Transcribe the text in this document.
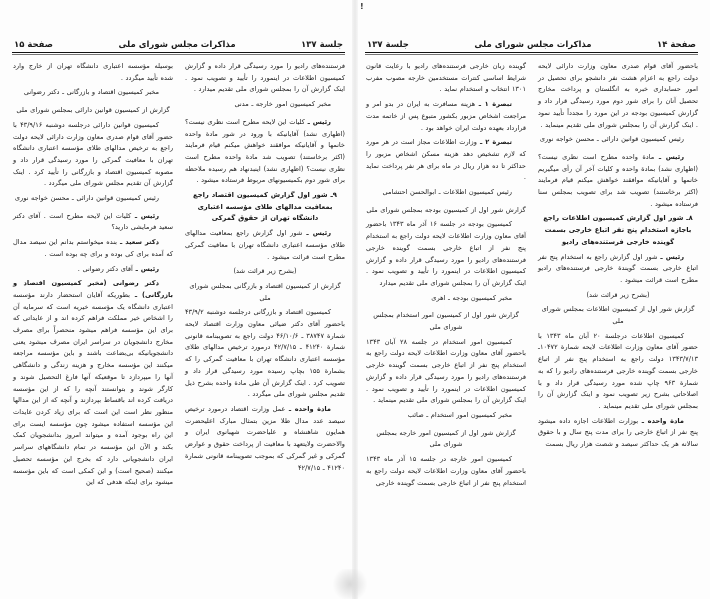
جلسة ۱۳۷
مذاکرات مجلس شورای ملی
صفحة ۱۵

فرستنده‌های رادیو را مورد رسیدگی قرار داده و گزارش کمیسیون اطلاعات در اینمورد را تأیید و تصویب نمود . اینک گزارش آن را بمجلس شورای ملی تقدیم میدارد .

مخبر کمیسیون امور خارجه ـ مدنی

رئیس ـ کلیات این لایحه مطرح است نظری نیست؟ (اظهاری نشد) آقایانیکه با ورود در شور مادة واحده خانمها و آقایانیکه موافقند خواهش میکنم قیام فرمایند (اکثر برخاستند) تصویب شد مادة واحده مطرح است نظری نیست؟ (اظهاری نشد) اینبدنهاد هم رسیده ملاحظه برای شور دوم بکمیسیونهای مربوط فرستاده میشود .

۹ـ شور اول گزارش کمیسیون اقتصاد راجع بمعافیت مدالهای طلای مؤسسه اعتباری دانشگاه تهران از حقوق گمرکی

رئیس ـ شور اول گزارش راجع بمعافیت مدالهای طلای مؤسسه اعتباری دانشگاه تهران با معافیت گمرکی مطرح است قرائت میشود .

(بشرح زیر قرائت شد)

گزارش از کمیسیون اقتصاد و بازرگانی بمجلس شورای ملی

کمیسیون اقتصاد و بازرگانی درجلسه دوشنبه ۴۳/۹/۲ باحضور آقای دکتر ضیائی معاون وزارت اقتصاد لایحه شمارة ۳۸۷۴۷ ـ ۴۶/۱۰/۶ دولت راجع به تصویبنامه قانونی شمارة ۴۱۲۴۰ ـ ۴۲/۷/۱۵ درمورد ترخیص مدالهای طلای مؤسسه اعتباری دانشگاه تهران با معافیت گمرکی را که بشمارة ۱۵۵ بچاپ رسیده مورد رسیدگی قرار داد و تصویب کرد . اینک گزارش آن طی مادة واحده بشرح ذیل تقدیم مجلس شورای ملی میگردد .

مادة واحده ـ عمل وزارت اقتصاد درمورد ترخیص سیصد عدد مدال طلا مزین بتمثال مبارک اعلیحضرت همایون شاهنشاه و علیاحضرت شهبانوی ایران و والاحضرت ولایتعهد با معافیت از پرداخت حقوق و عوارض گمرکی و غیر گمرکی که بموجب تصویبنامه قانونی شمارة ۴۱۲۴۰ ـ ۴۲/۷/۱۵

بوسیله مؤسسه اعتباری دانشگاه تهران از خارج وارد شده تأیید میگردد .

مخبر کمیسیون اقتصاد و بازرگانی ـ دکتر رضوانی

گزارش از کمیسیون قوانین دارائی بمجلس شورای ملی

کمیسیون قوانین دارائی درجلسه دوشنبه ۴۳/۹/۱۶ با حضور آقای قوام صدری معاون وزارت دارائی لایحه دولت راجع به ترخیص مدالهای طلای مؤسسه اعتباری دانشگاه تهران با معافیت گمرکی را مورد رسیدگی قرار داد و مصوبه کمیسیون اقتصاد و بازرگانی را تأیید کرد . اینک گزارش آن تقدیم مجلس شورای ملی میگردد .

رئیس کمیسیون قوانین دارائی ـ محسن خواجه نوری

رئیس ـ کلیات این لایحه مطرح است . آقای دکتر سعید فرمایشی دارید؟

دکتر سعید ـ بنده میخواستم بدانم این سیصد مدال که آمده برای کی بوده و برای چه بوده است .

رئیس ـ آقای دکتر رضوانی .

دکتر رضوانی (مخبر کمیسیون اقتصاد و بازرگانی) ـ بطوریکه آقایان استحضار دارند مؤسسه اعتباری دانشگاه یک مؤسسه خیریه است که سرمایه آن را اشخاص خیر مملکت فراهم کرده اند و از عایداتی که برای این مؤسسه فراهم میشود منحصراً برای مصرف مخارج دانشجویان در سراسر ایران مصرف میشود یعنی دانشجویانیکه بی‌بضاعت باشند و باین مؤسسه مراجعه میکنند این مؤسسه مخارج و هزینه زندگی و دانشگاهی آنها را میپردازد تا موقعیکه آنها فارغ التحصیل شوند و کارگر شوند و بتوانستند آنچه را که از این مؤسسه دریافت کرده اند باقساط بپردازند و آنچه که از این مدالها منظور نظر است این است که برای زیاد کردن عایدات این مؤسسه استفاده میشود چون مؤسسه ایست برای این راه بوجود آمده و میتواند امروز بدانشجویان کمک بکند و الآن این مؤسسه در تمام دانشگاههای سراسر ایران دانشجویانی دارد که بخرج این مؤسسه تحصیل میکنند (صحیح است) و این کمکی است که باین مؤسسه میشود برای اینکه هدفی که این

صفحة ۱۴
مذاکرات مجلس شورای ملی
جلسة ۱۳۷

باحضور آقای قوام صدری معاون وزارت دارائی لایحه دولت راجع به اعزام هشت نفر دانشجو برای تحصیل در امور حسابداری خبره به انگلستان و پرداخت مخارج تحصیل آنان را برای شور دوم مورد رسیدگی قرار داد و گزارش کمیسیون بودجه در این مورد را مجدداً تأیید نمود . اینک گزارش آن را بمجلس شورای ملی تقدیم مینماید .

رئیس کمیسیون قوانین دارائی ـ محسن خواجه نوری

رئیس ـ مادة واحده مطرح است نظری نیست؟ (اظهاری نشد) بمادة واحده و کلیات آخر آن رأی میگیریم خانمها و آقایانیکه موافقند خواهش میکنم قیام فرمایند (اکثر برخاستند) تصویب شد برای تصویب بمجلس سنا فرستاده میشود .

۸ـ شور اول گزارش کمیسیون اطلاعات راجع باجازه استخدام پنج نفر اتباع خارجی بسمت گوینده خارجی فرستنده‌های رادیو

رئیس ـ شور اول گزارش راجع به استخدام پنج نفر اتباع خارجی بسمت گویندة خارجی فرستنده‌های رادیو مطرح است قرائت میشود .

(بشرح زیر قرائت شد)

گزارش شور اول از کمیسیون اطلاعات بمجلس شورای ملی

کمیسیون اطلاعات درجلسة ۲۰ آبان ماه ۱۳۴۳ با حضور آقای معاون وزارت اطلاعات لایحه شمارة ۱۰۴۷۲ـ ۱۳۴۳/۷/۱۳ دولت راجع به استخدام پنج نفر از اتباع خارجی بسمت گوینده خارجی فرستنده‌های رادیو را که به شمارة ۹۶۳ چاپ شده مورد رسیدگی قرار داد و با اصلاحاتی بشرح زیر تصویب نمود و اینک گزارش آن را بمجلس شورای ملی تقدیم مینماید .

مادة واحده ـ بوزارت اطلاعات اجازه داده میشود پنج نفر از اتباع خارجی را برای مدت پنج سال و با حقوق سالانه هر یک حداکثر سیصد و شصت هزار ریال بسمت

گوینده زبان خارجی فرستنده‌های رادیو با رعایت قانون شرایط اساسی کنترات مستخدمین خارجه مصوب مفرب ۱۳۰۱ انتخاب و استخدام نماید .

تبصرة ۱ ـ هزینه مسافرت به ایران در بدو امر و مراجعت اشخاص مزبور بکشور متبوع پس از خاتمه مدت قرارداد بعهده دولت ایران خواهد بود .

تبصرة ۲ ـ وزارت اطلاعات مجاز است در هر مورد که لازم تشخیص دهد هزینه مسکن اشخاص مزبور را حداکثر تا ده هزار ریال در ماه برای هر نفر پرداخت نماید .

رئیس کمیسیون اطلاعات ـ ابوالحسن احتشامی

گزارش شور اول از کمیسیون بودجه بمجلس شورای ملی

کمیسیون بودجه در جلسه ۱۶ آذر ماه ۱۳۴۳ باحضور آقای معاون وزارت اطلاعات لایحه دولت راجع به استخدام پنج نفر از اتباع خارجی بسمت گوینده خارجی فرستنده‌های رادیو را مورد رسیدگی قرار داده و گزارش کمیسیون اطلاعات در اینمورد را تأیید و تصویب نمود . اینک گزارش آن را بمجلس شورای ملی تقدیم میدارد

مخبر کمیسیون بودجه ـ اهری

گزارش شور اول از کمیسیون امور استخدام بمجلس شورای ملی

کمیسیون امور استخدام در جلسه ۲۸ آبان ۱۳۴۳ باحضور آقای معاون وزارت اطلاعات لایحه دولت راجع به استخدام پنج نفر از اتباع خارجی بسمت گوینده خارجی فرستنده‌های رادیو را مورد رسیدگی قرار داده و گزارش کمیسیون اطلاعات در اینمورد را تأیید و تصویب نمود . اینک گزارش آن را بمجلس شورای ملی تقدیم مینماید .

مخبر کمیسیون امور استخدام ـ صائب

گزارش شور اول از کمیسیون امور خارجه بمجلس شورای ملی

کمیسیون امور خارجه در جلسه ۱۵ آذر ماه ۱۳۴۳ باحضور آقای معاون وزارت اطلاعات لایحه دولت راجع به استخدام پنج نفر از اتباع خارجی بسمت گوینده خارجی

!
